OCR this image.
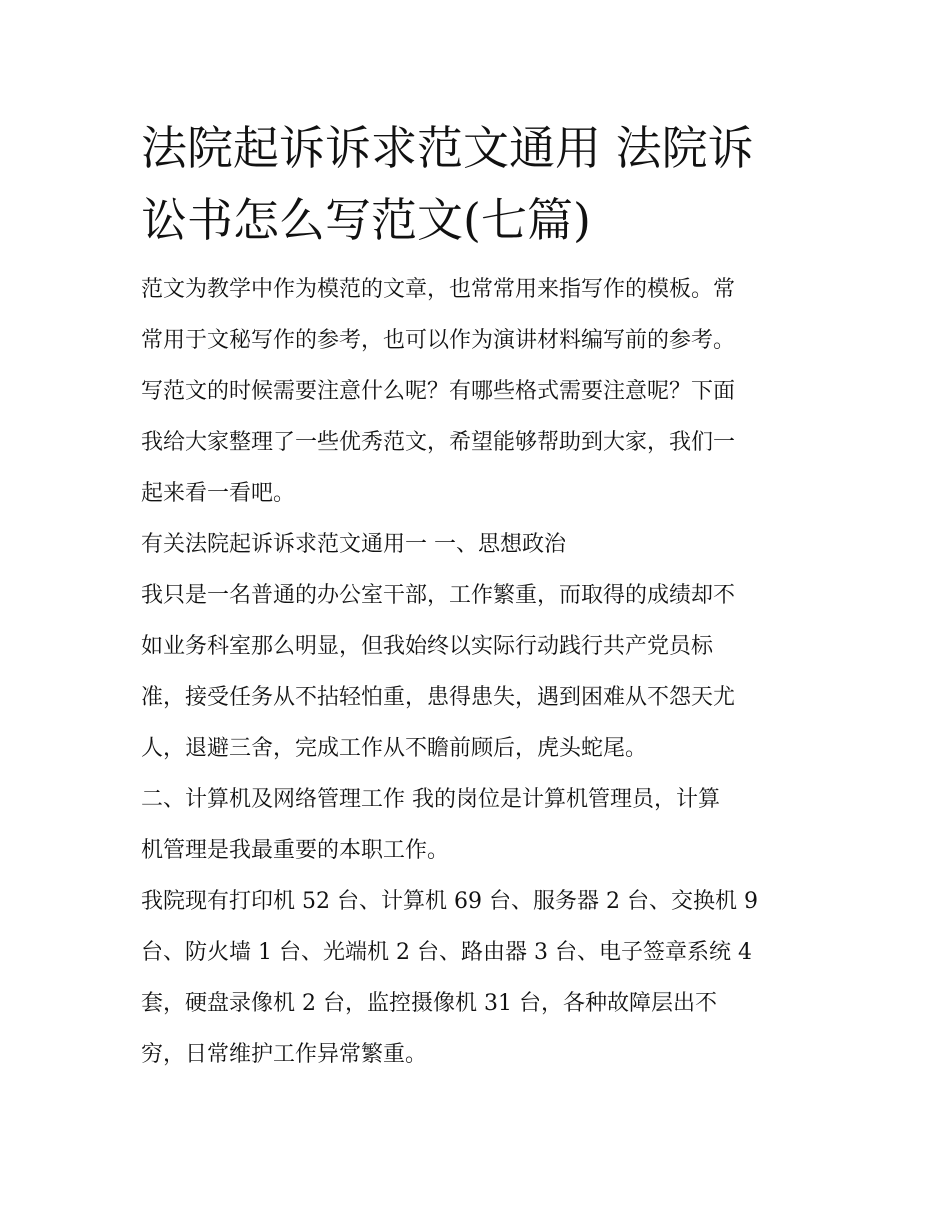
法院起诉诉求范文通用 法院诉
讼书怎么写范文(七篇)

范文为教学中作为模范的文章，也常常用来指写作的模板。常
常用于文秘写作的参考，也可以作为演讲材料编写前的参考。
写范文的时候需要注意什么呢？有哪些格式需要注意呢？下面
我给大家整理了一些优秀范文，希望能够帮助到大家，我们一
起来看一看吧。

有关法院起诉诉求范文通用一 一、思想政治

我只是一名普通的办公室干部，工作繁重，而取得的成绩却不
如业务科室那么明显，但我始终以实际行动践行共产党员标
准，接受任务从不拈轻怕重，患得患失，遇到困难从不怨天尤
人，退避三舍，完成工作从不瞻前顾后，虎头蛇尾。

二、计算机及网络管理工作 我的岗位是计算机管理员，计算
机管理是我最重要的本职工作。

我院现有打印机 52 台、计算机 69 台、服务器 2 台、交换机 9
台、防火墙 1 台、光端机 2 台、路由器 3 台、电子签章系统 4
套，硬盘录像机 2 台，监控摄像机 31 台，各种故障层出不
穷，日常维护工作异常繁重。
